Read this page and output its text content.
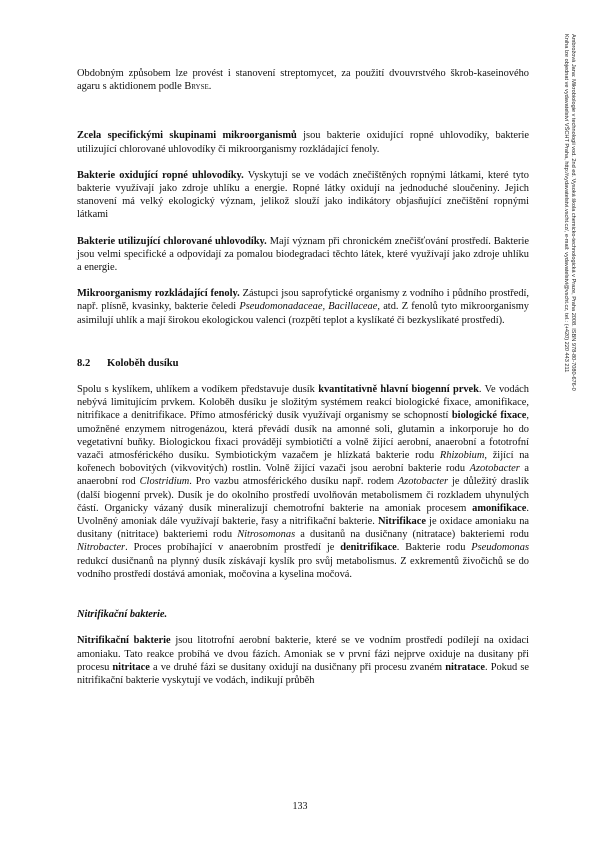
Obdobným způsobem lze provést i stanovení streptomycet, za použití dvouvrstvého škrob-kaseinového agaru s aktidionem podle Bryse.

Zcela specifickými skupinami mikroorganismů jsou bakterie oxidující ropné uhlovodíky, bakterie utilizující chlorované uhlovodíky či mikroorganismy rozkládající fenoly.

Bakterie oxidující ropné uhlovodíky. Vyskytují se ve vodách znečištěných ropnými látkami, které tyto bakterie využívají jako zdroje uhlíku a energie. Ropné látky oxidují na jednoduché sloučeniny. Jejich stanovení má velký ekologický význam, jelikož slouží jako indikátory objasňující znečištění ropnými látkami

Bakterie utilizující chlorované uhlovodíky. Mají význam při chronickém znečišťování prostředí. Bakterie jsou velmi specifické a odpovídají za pomalou biodegradaci těchto látek, které využívají jako zdroje uhlíku a energie.

Mikroorganismy rozkládající fenoly. Zástupci jsou saprofytické organismy z vodního i půdního prostředí, např. plísně, kvasinky, bakterie čeledi Pseudomonadaceae, Bacillaceae, atd. Z fenolů tyto mikroorganismy asimilují uhlík a mají širokou ekologickou valenci (rozpětí teplot a kyslíkaté či bezkyslíkaté prostředí).

8.2 Koloběh dusíku

Spolu s kyslíkem, uhlíkem a vodíkem představuje dusík kvantitativně hlavní biogenní prvek. Ve vodách nebývá limitujícím prvkem. Koloběh dusíku je složitým systémem reakcí biologické fixace, amonifikace, nitrifikace a denitrifikace. Přímo atmosférický dusík využívají organismy se schopností biologické fixace, umožněné enzymem nitrogenázou, která převádí dusík na amonné soli, glutamin a inkorporuje ho do vegetativní buňky. Biologickou fixaci provádějí symbiotičtí a volně žijící aerobní, anaerobní a fototrofní vazači atmosférického dusíku. Symbiotickým vazačem je hlízkatá bakterie rodu Rhizobium, žijící na kořenech bobovitých (vikvovitých) rostlin. Volně žijící vazači jsou aerobní bakterie rodu Azotobacter a anaerobní rod Clostridium. Pro vazbu atmosférického dusíku např. rodem Azotobacter je důležitý draslík (další biogenní prvek). Dusík je do okolního prostředí uvolňován metabolismem či rozkladem uhynulých částí. Organicky vázaný dusík mineralizují chemotrofní bakterie na amoniak procesem amonifikace. Uvolněný amoniak dále využívají bakterie, řasy a nitrifikační bakterie. Nitrifikace je oxidace amoniaku na dusitany (nitritace) bakteriemi rodu Nitrosomonas a dusitanů na dusičnany (nitratace) bakteriemi rodu Nitrobacter. Proces probíhající v anaerobním prostředí je denitrifikace. Bakterie rodu Pseudomonas redukcí dusičnanů na plynný dusík získávají kyslík pro svůj metabolismus. Z exkrementů živočichů se do vodního prostředí dostává amoniak, močovina a kyselina močová.

Nitrifikační bakterie.

Nitrifikační bakterie jsou litotrofní aerobní bakterie, které se ve vodním prostředí podílejí na oxidaci amoniaku. Tato reakce probíhá ve dvou fázích. Amoniak se v první fázi nejprve oxiduje na dusitany při procesu nitritace a ve druhé fázi se dusitany oxidují na dusičnany při procesu zvaném nitratace. Pokud se nitrifikační bakterie vyskytují ve vodách, indikují průběh

Ambrožová Jana: Mikrobiologie v technologii vod. 2nd ed. Vysoká škola chemicko-technologická v Praze, Praha 2008. ISBN 978-80-7080-676-0
Kniha lze objednat ve vydavatelství VŠCHT Praha, http://vydavatelstvi.vscht.cz/, e-mail: vydavatelstvi@vscht.cz, tel.: (+420) 220 443 211
133
